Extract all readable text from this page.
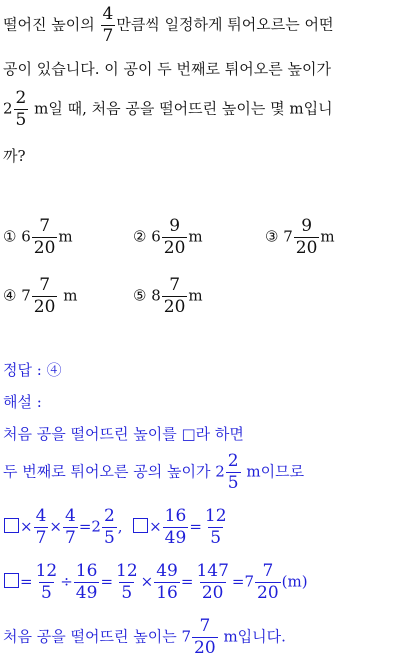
떨어진 높이의 $\frac{4}{7}$ 만큼씩 일정하게 튀어오르는 어떤
공이 있습니다. 이 공이 두 번째로 튀어오른 높이가
$2 \frac{2}{5}$ m일 때, 처음 공을 떨어뜨린 높이는 몇 m입니
까?
① $6 \frac{7}{20}$ m	② $6 \frac{9}{20}$ m	③ $7 \frac{9}{20}$ m
④ $7 \frac{7}{20}$ m	⑤ $8 \frac{7}{20}$ m
정답 : ④
해설 :
처음 공을 떨어뜨린 높이를 □라 하면
두 번째로 튀어오른 공의 높이가 $2 \frac{2}{5}$ m이므로
× $\frac{4}{7} \times \frac{4}{7} =2 \frac{2}{5}$ , × $\frac{16}{49} = \frac{12}{5}$
= $\frac{12}{5} \div \frac{16}{49} = \frac{12}{5} \times \frac{49}{16} = \frac{147}{20} =7 \frac{7}{20} (m)$
처음 공을 떨어뜨린 높이는 $7 \frac{7}{20}$ m입니다.
